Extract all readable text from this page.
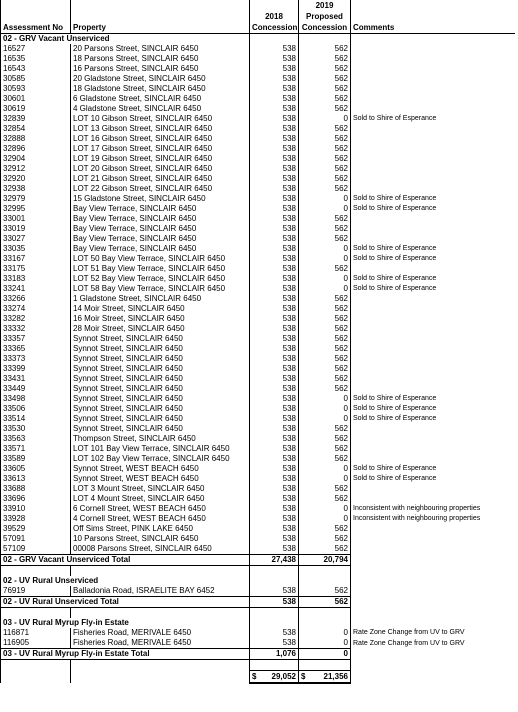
			2019	
		2018	Proposed	
Assessment No	Property	Concession	Concession	Comments
02 - GRV Vacant Unserviced				
16527	20 Parsons Street, SINCLAIR 6450	538	562	
16535	18 Parsons Street, SINCLAIR 6450	538	562	
16543	16 Parsons Street, SINCLAIR 6450	538	562	
30585	20 Gladstone Street, SINCLAIR 6450	538	562	
30593	18 Gladstone Street, SINCLAIR 6450	538	562	
30601	6 Gladstone Street, SINCLAIR 6450	538	562	
30619	4 Gladstone Street, SINCLAIR 6450	538	562	
32839	LOT 10 Gibson Street, SINCLAIR 6450	538	0	Sold to Shire of Esperance
32854	LOT 13 Gibson Street, SINCLAIR 6450	538	562	
32888	LOT 16 Gibson Street, SINCLAIR 6450	538	562	
32896	LOT 17 Gibson Street, SINCLAIR 6450	538	562	
32904	LOT 19 Gibson Street, SINCLAIR 6450	538	562	
32912	LOT 20 Gibson Street, SINCLAIR 6450	538	562	
32920	LOT 21 Gibson Street, SINCLAIR 6450	538	562	
32938	LOT 22 Gibson Street, SINCLAIR 6450	538	562	
32979	15 Gladstone Street, SINCLAIR 6450	538	0	Sold to Shire of Esperance
32995	Bay View Terrace, SINCLAIR 6450	538	0	Sold to Shire of Esperance
33001	Bay View Terrace, SINCLAIR 6450	538	562	
33019	Bay View Terrace, SINCLAIR 6450	538	562	
33027	Bay View Terrace, SINCLAIR 6450	538	562	
33035	Bay View Terrace, SINCLAIR 6450	538	0	Sold to Shire of Esperance
33167	LOT 50 Bay View Terrace, SINCLAIR 6450	538	0	Sold to Shire of Esperance
33175	LOT 51 Bay View Terrace, SINCLAIR 6450	538	562	
33183	LOT 52 Bay View Terrace, SINCLAIR 6450	538	0	Sold to Shire of Esperance
33241	LOT 58 Bay View Terrace, SINCLAIR 6450	538	0	Sold to Shire of Esperance
33266	1 Gladstone Street, SINCLAIR 6450	538	562	
33274	14 Moir Street, SINCLAIR 6450	538	562	
33282	16 Moir Street, SINCLAIR 6450	538	562	
33332	28 Moir Street, SINCLAIR 6450	538	562	
33357	Synnot Street, SINCLAIR 6450	538	562	
33365	Synnot Street, SINCLAIR 6450	538	562	
33373	Synnot Street, SINCLAIR 6450	538	562	
33399	Synnot Street, SINCLAIR 6450	538	562	
33431	Synnot Street, SINCLAIR 6450	538	562	
33449	Synnot Street, SINCLAIR 6450	538	562	
33498	Synnot Street, SINCLAIR 6450	538	0	Sold to Shire of Esperance
33506	Synnot Street, SINCLAIR 6450	538	0	Sold to Shire of Esperance
33514	Synnot Street, SINCLAIR 6450	538	0	Sold to Shire of Esperance
33530	Synnot Street, SINCLAIR 6450	538	562	
33563	Thompson Street, SINCLAIR 6450	538	562	
33571	LOT 101 Bay View Terrace, SINCLAIR 6450	538	562	
33589	LOT 102 Bay View Terrace, SINCLAIR 6450	538	562	
33605	Synnot Street, WEST BEACH 6450	538	0	Sold to Shire of Esperance
33613	Synnot Street, WEST BEACH 6450	538	0	Sold to Shire of Esperance
33688	LOT 3 Mount Street, SINCLAIR 6450	538	562	
33696	LOT 4 Mount Street, SINCLAIR 6450	538	562	
33910	6 Cornell Street, WEST BEACH 6450	538	0	Inconsistent with neighbouring properties
33928	4 Cornell Street, WEST BEACH 6450	538	0	Inconsistent with neighbouring properties
39529	Off Sims Street, PINK LAKE 6450	538	562	
57091	10 Parsons Street, SINCLAIR 6450	538	562	
57109	00008 Parsons Street, SINCLAIR 6450	538	562	
02 - GRV Vacant Unserviced Total		27,438	20,794	

02 - UV Rural Unserviced				
76919	Balladonia Road, ISRAELITE BAY 6452	538	562	
02 - UV Rural Unserviced Total		538	562	

03 - UV Rural Myrup Fly-in Estate				
116871	Fisheries Road, MERIVALE 6450	538	0	Rate Zone Change from UV to GRV
116905	Fisheries Road, MERIVALE 6450	538	0	Rate Zone Change from UV to GRV
03 - UV Rural Myrup Fly-in Estate Total		1,076	0	

		$ 29,052	$ 21,356	
